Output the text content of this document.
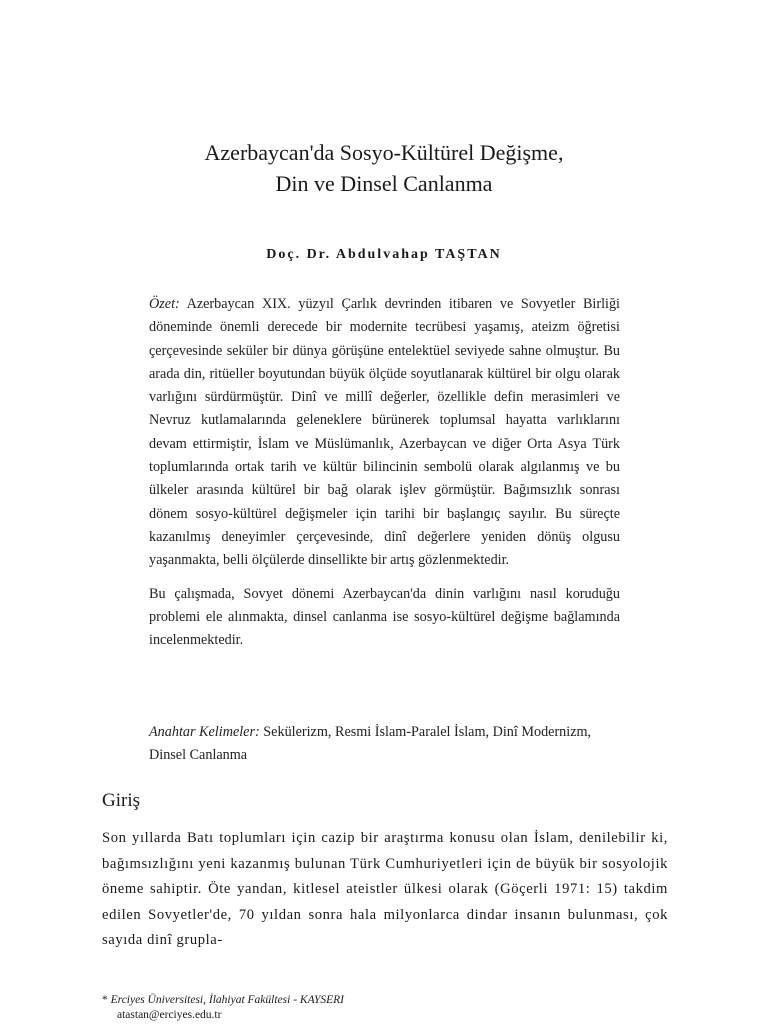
Azerbaycan'da Sosyo-Kültürel Değişme,
Din ve Dinsel Canlanma
Doç. Dr. Abdulvahap TAŞTAN

Özet: Azerbaycan XIX. yüzyıl Çarlık devrinden itibaren ve Sovyetler Birliği döneminde önemli derecede bir modernite tecrübesi yaşamış, ateizm öğretisi çerçevesinde seküler bir dünya görüşüne entelektüel seviyede sahne olmuştur. Bu arada din, ritüeller boyutundan büyük ölçüde soyutlanarak kültürel bir olgu olarak varlığını sürdürmüştür. Dinî ve millî değerler, özellikle defin merasimleri ve Nevruz kutlamalarında geleneklere bürünerek toplumsal hayatta varlıklarını devam ettirmiştir, İslam ve Müslümanlık, Azerbaycan ve diğer Orta Asya Türk toplumlarında ortak tarih ve kültür bilincinin sembolü olarak algılanmış ve bu ülkeler arasında kültürel bir bağ olarak işlev görmüştür. Bağımsızlık sonrası dönem sosyo-kültürel değişmeler için tarihi bir başlangıç sayılır. Bu süreçte kazanılmış deneyimler çerçevesinde, dinî değerlere yeniden dönüş olgusu yaşanmakta, belli ölçülerde dinsellikte bir artış gözlenmektedir.

Bu çalışmada, Sovyet dönemi Azerbaycan'da dinin varlığını nasıl koruduğu problemi ele alınmakta, dinsel canlanma ise sosyo-kültürel değişme bağlamında incelenmektedir.

Anahtar Kelimeler: Sekülerizm, Resmi İslam-Paralel İslam, Dinî Modernizm, Dinsel Canlanma
Giriş
Son yıllarda Batı toplumları için cazip bir araştırma konusu olan İslam, denilebilir ki, bağımsızlığını yeni kazanmış bulunan Türk Cumhuriyetleri için de büyük bir sosyolojik öneme sahiptir. Öte yandan, kitlesel ateistler ülkesi olarak (Göçerli 1971: 15) takdim edilen Sovyetler'de, 70 yıldan sonra hala milyonlarca dindar insanın bulunması, çok sayıda dinî grupla-
* Erciyes Üniversitesi, İlahiyat Fakültesi - KAYSERI
atastan@erciyes.edu.tr
